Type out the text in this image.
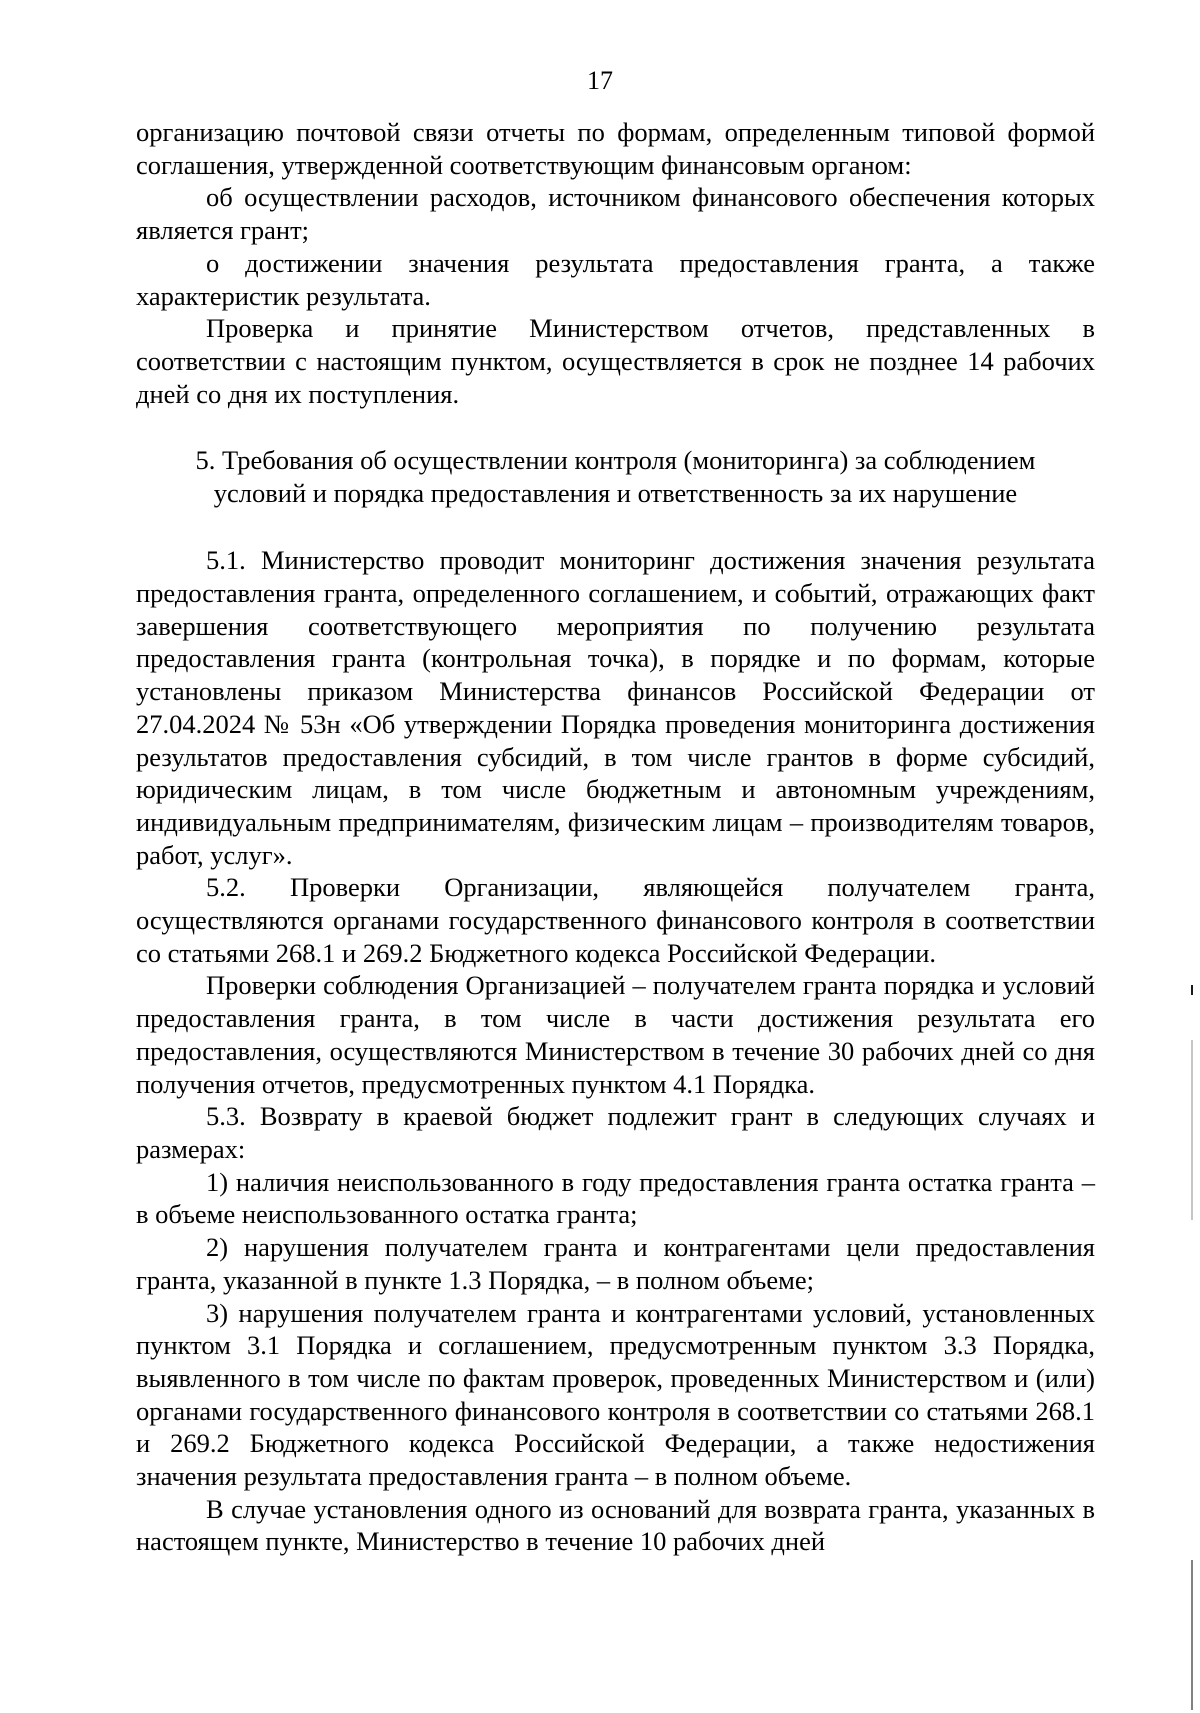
17

организацию почтовой связи отчеты по формам, определенным типовой формой соглашения, утвержденной соответствующим финансовым органом:

об осуществлении расходов, источником финансового обеспечения которых является грант;

о достижении значения результата предоставления гранта, а также характеристик результата.

Проверка и принятие Министерством отчетов, представленных в соответствии с настоящим пунктом, осуществляется в срок не позднее 14 рабочих дней со дня их поступления.

5. Требования об осуществлении контроля (мониторинга) за соблюдением
условий и порядка предоставления и ответственность за их нарушение

5.1. Министерство проводит мониторинг достижения значения результата предоставления гранта, определенного соглашением, и событий, отражающих факт завершения соответствующего мероприятия по получению результата предоставления гранта (контрольная точка), в порядке и по формам, которые установлены приказом Министерства финансов Российской Федерации от 27.04.2024 № 53н «Об утверждении Порядка проведения мониторинга достижения результатов предоставления субсидий, в том числе грантов в форме субсидий, юридическим лицам, в том числе бюджетным и автономным учреждениям, индивидуальным предпринимателям, физическим лицам – производителям товаров, работ, услуг».

5.2. Проверки Организации, являющейся получателем гранта, осуществляются органами государственного финансового контроля в соответствии со статьями 268.1 и 269.2 Бюджетного кодекса Российской Федерации.

Проверки соблюдения Организацией – получателем гранта порядка и условий предоставления гранта, в том числе в части достижения результата его предоставления, осуществляются Министерством в течение 30 рабочих дней со дня получения отчетов, предусмотренных пунктом 4.1 Порядка.

5.3. Возврату в краевой бюджет подлежит грант в следующих случаях и размерах:

1) наличия неиспользованного в году предоставления гранта остатка гранта – в объеме неиспользованного остатка гранта;

2) нарушения получателем гранта и контрагентами цели предоставления гранта, указанной в пункте 1.3 Порядка, – в полном объеме;

3) нарушения получателем гранта и контрагентами условий, установленных пунктом 3.1 Порядка и соглашением, предусмотренным пунктом 3.3 Порядка, выявленного в том числе по фактам проверок, проведенных Министерством и (или) органами государственного финансового контроля в соответствии со статьями 268.1 и 269.2 Бюджетного кодекса Российской Федерации, а также недостижения значения результата предоставления гранта – в полном объеме.

В случае установления одного из оснований для возврата гранта, указанных в настоящем пункте, Министерство в течение 10 рабочих дней
